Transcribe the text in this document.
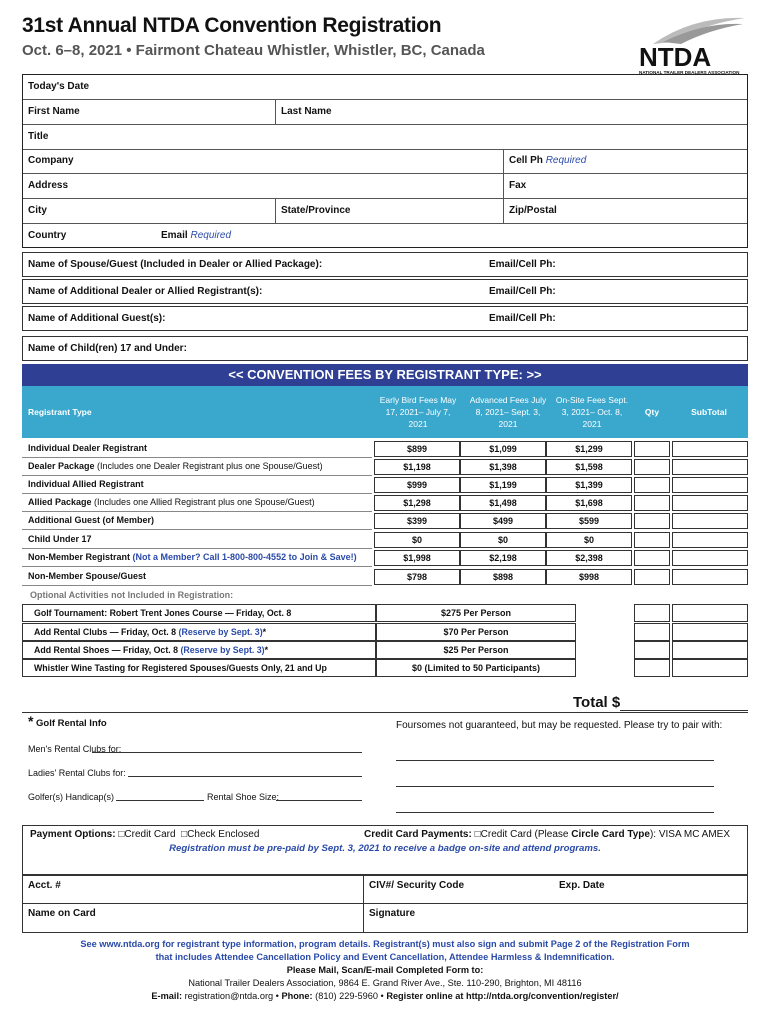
31st Annual NTDA Convention Registration
Oct. 6–8, 2021 • Fairmont Chateau Whistler, Whistler, BC, Canada	NTDA
NATIONAL TRAILER DEALERS ASSOCIATION
Today's Date
First Name	Last Name
Title
Company	Cell Ph Required
Address	Fax
City	State/Province	Zip/Postal
Country	Email Required
Name of Spouse/Guest (Included in Dealer or Allied Package):	Email/Cell Ph:
Name of Additional Dealer or Allied Registrant(s):	Email/Cell Ph:
Name of Additional Guest(s):	Email/Cell Ph:
Name of Child(ren) 17 and Under:
<< CONVENTION FEES BY REGISTRANT TYPE: >>
Registrant Type
Early Bird Fees May 17, 2021– July 7, 2021
Advanced Fees July 8, 2021– Sept. 3, 2021
On-Site Fees Sept. 3, 2021– Oct. 8, 2021
Qty	SubTotal
Individual Dealer Registrant	$899	$1,099	$1,299
Dealer Package (Includes one Dealer Registrant plus one Spouse/Guest)	$1,198	$1,398	$1,598
Individual Allied Registrant	$999	$1,199	$1,399
Allied Package (Includes one Allied Registrant plus one Spouse/Guest)	$1,298	$1,498	$1,698
Additional Guest (of Member)	$399	$499	$599
Child Under 17	$0	$0	$0
Non-Member Registrant (Not a Member? Call 1-800-800-4552 to Join & Save!)	$1,998	$2,198	$2,398
Non-Member Spouse/Guest	$798	$898	$998
Optional Activities not Included in Registration:
Golf Tournament: Robert Trent Jones Course — Friday, Oct. 8	$275 Per Person
Add Rental Clubs — Friday, Oct. 8 (Reserve by Sept. 3)*	$70 Per Person
Add Rental Shoes — Friday, Oct. 8 (Reserve by Sept. 3)*	$25 Per Person
Whistler Wine Tasting for Registered Spouses/Guests Only, 21 and Up	$0 (Limited to 50 Participants)
Total $
* Golf Rental Info	Foursomes not guaranteed, but may be requested. Please try to pair with:
Men's Rental Clubs for:
Ladies' Rental Clubs for:
Golfer(s) Handicap(s)	Rental Shoe Size:
Payment Options: □Credit Card □Check Enclosed	Credit Card Payments: □Credit Card (Please Circle Card Type): VISA MC AMEX
Registration must be pre-paid by Sept. 3, 2021 to receive a badge on-site and attend programs.
Acct. #	CIV#/ Security Code	Exp. Date
Name on Card	Signature
See www.ntda.org for registrant type information, program details. Registrant(s) must also sign and submit Page 2 of the Registration Form
that includes Attendee Cancellation Policy and Event Cancellation, Attendee Harmless & Indemnification.
Please Mail, Scan/E-mail Completed Form to:
National Trailer Dealers Association, 9864 E. Grand River Ave., Ste. 110-290, Brighton, MI 48116
E-mail: registration@ntda.org • Phone: (810) 229-5960 • Register online at http://ntda.org/convention/register/
